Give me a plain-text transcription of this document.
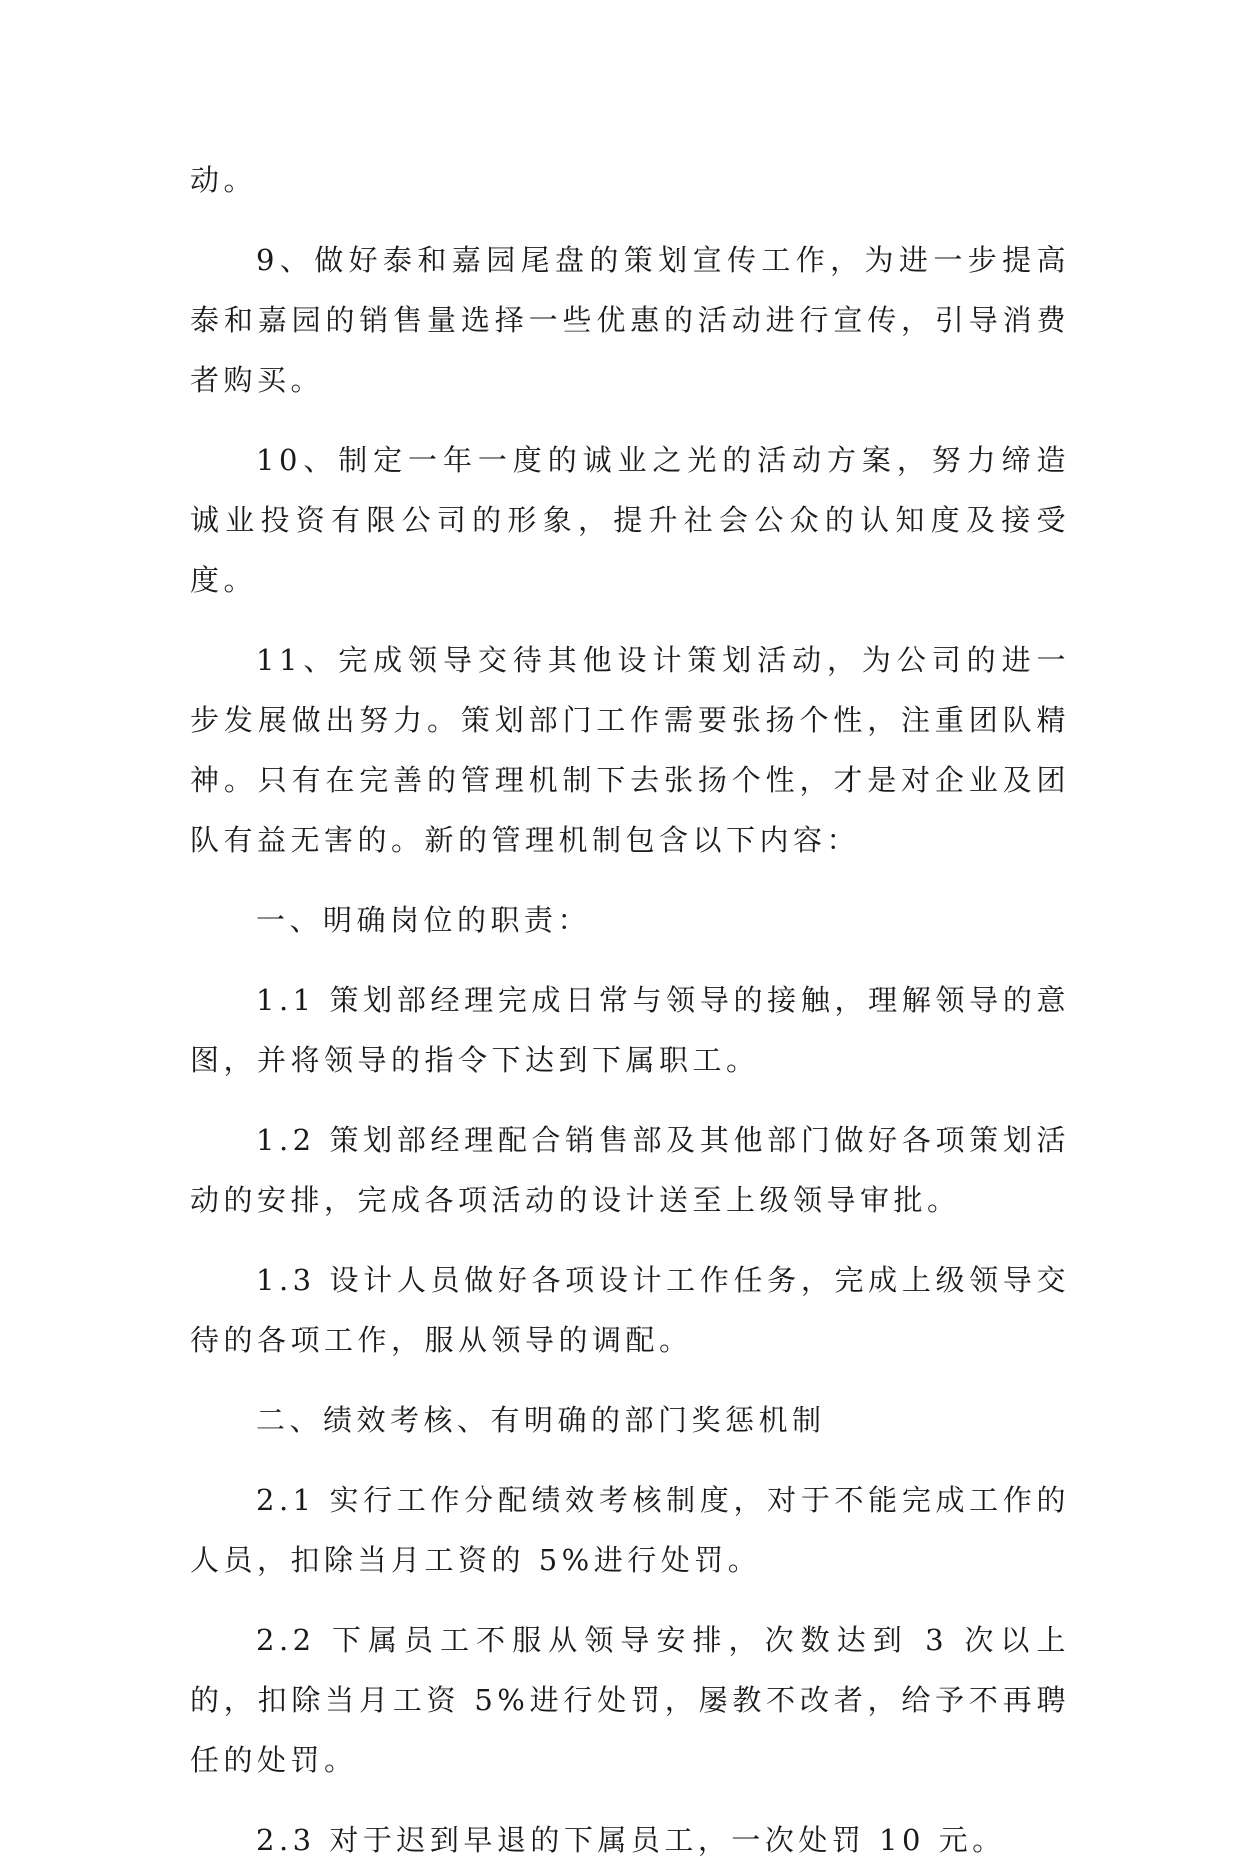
动。

9、做好泰和嘉园尾盘的策划宣传工作，为进一步提高泰和嘉园的销售量选择一些优惠的活动进行宣传，引导消费者购买。

10、制定一年一度的诚业之光的活动方案，努力缔造诚业投资有限公司的形象，提升社会公众的认知度及接受度。

11、完成领导交待其他设计策划活动，为公司的进一步发展做出努力。策划部门工作需要张扬个性，注重团队精神。只有在完善的管理机制下去张扬个性，才是对企业及团队有益无害的。新的管理机制包含以下内容：

一、明确岗位的职责：

1.1 策划部经理完成日常与领导的接触，理解领导的意图，并将领导的指令下达到下属职工。

1.2 策划部经理配合销售部及其他部门做好各项策划活动的安排，完成各项活动的设计送至上级领导审批。

1.3 设计人员做好各项设计工作任务，完成上级领导交待的各项工作，服从领导的调配。

二、绩效考核、有明确的部门奖惩机制

2.1 实行工作分配绩效考核制度，对于不能完成工作的人员，扣除当月工资的 5%进行处罚。

2.2 下属员工不服从领导安排，次数达到 3 次以上的，扣除当月工资 5%进行处罚，屡教不改者，给予不再聘任的处罚。

2.3 对于迟到早退的下属员工，一次处罚 10 元。
